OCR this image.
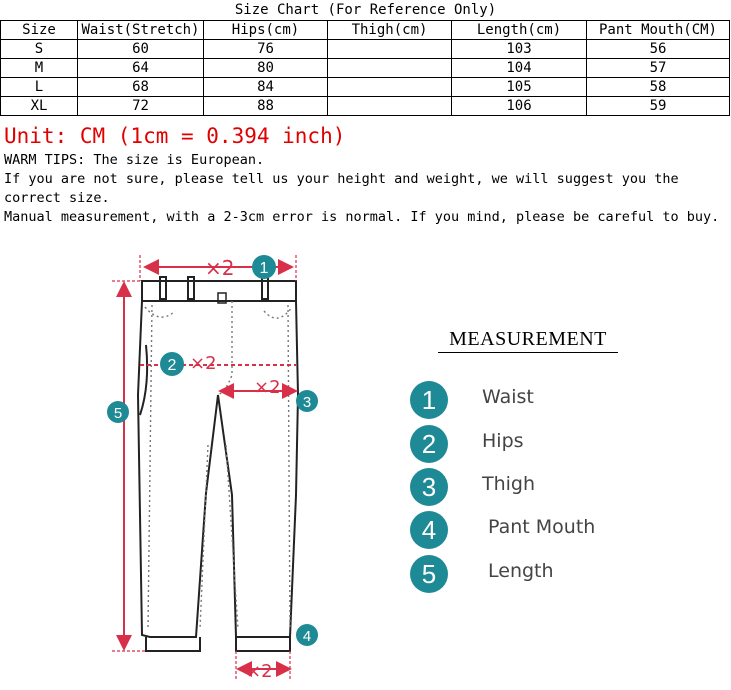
Size Chart (For Reference Only)
Size	Waist(Stretch)	Hips(cm)	Thigh(cm)	Length(cm)	Pant Mouth(CM)
S	60	76		103	56
M	64	80		104	57
L	68	84		105	58
XL	72	88		106	59
Unit: CM (1cm = 0.394 inch)
WARM TIPS: The size is European.
If you are not sure, please tell us your height and weight, we will suggest you the correct size.
Manual measurement, with a 2-3cm error is normal. If you mind, please be careful to buy.
×2
×2
×2
×2
1
2
3
4
5
MEASUREMENT
1	Waist
2	Hips
3	Thigh
4	Pant Mouth
5	Length
